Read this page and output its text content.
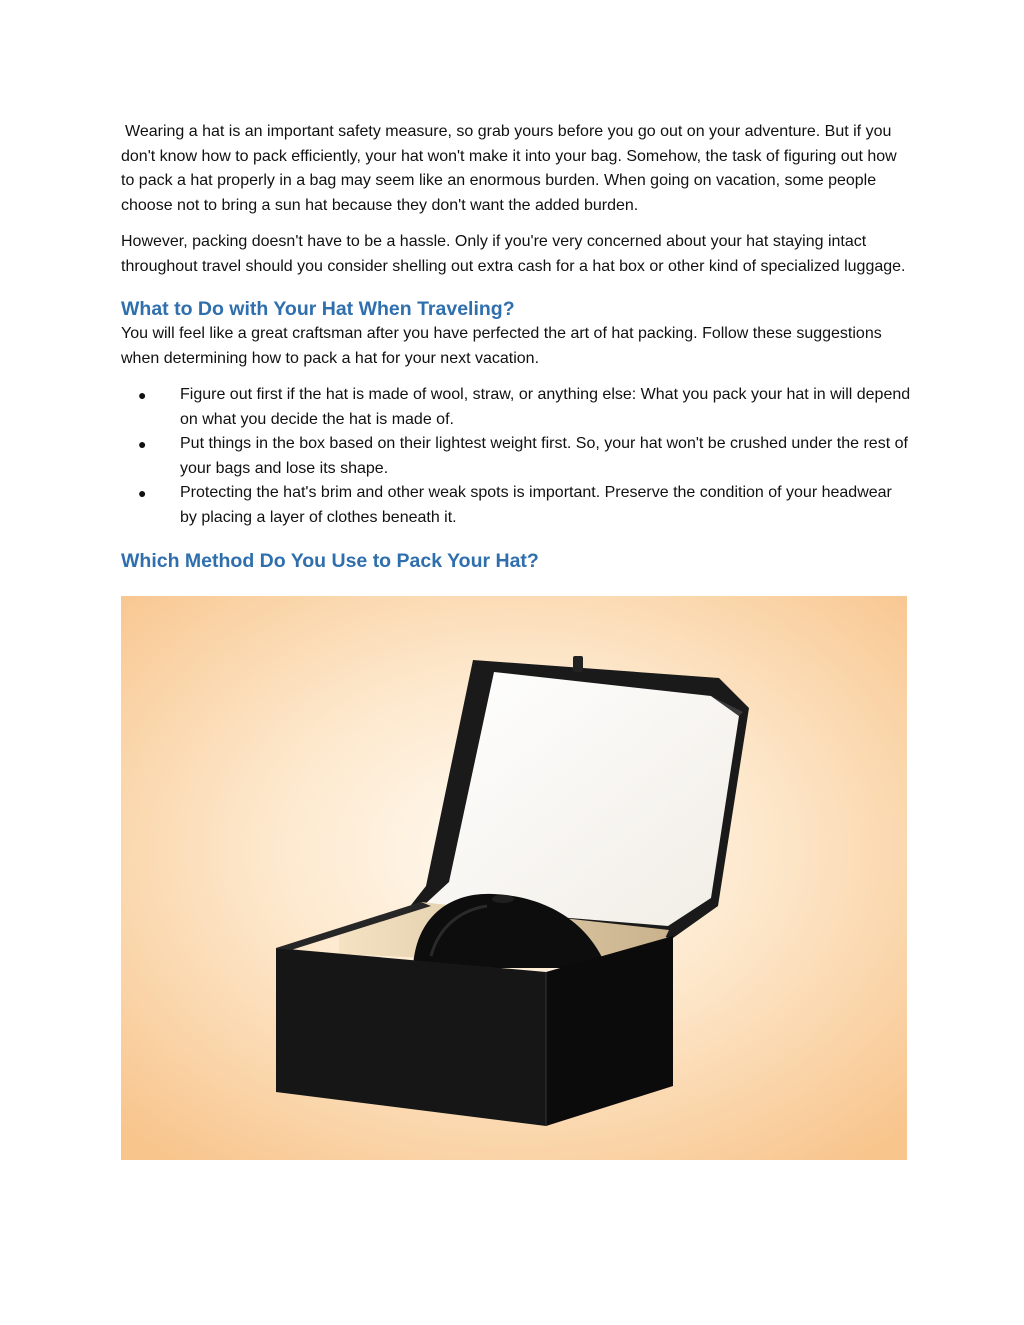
Wearing a hat is an important safety measure, so grab yours before you go out on your adventure. But if you don't know how to pack efficiently, your hat won't make it into your bag. Somehow, the task of figuring out how to pack a hat properly in a bag may seem like an enormous burden. When going on vacation, some people choose not to bring a sun hat because they don't want the added burden.

However, packing doesn't have to be a hassle. Only if you're very concerned about your hat staying intact throughout travel should you consider shelling out extra cash for a hat box or other kind of specialized luggage.

What to Do with Your Hat When Traveling?

You will feel like a great craftsman after you have perfected the art of hat packing. Follow these suggestions when determining how to pack a hat for your next vacation.

● Figure out first if the hat is made of wool, straw, or anything else: What you pack your hat in will depend on what you decide the hat is made of.
● Put things in the box based on their lightest weight first. So, your hat won't be crushed under the rest of your bags and lose its shape.
● Protecting the hat's brim and other weak spots is important. Preserve the condition of your headwear by placing a layer of clothes beneath it.
Which Method Do You Use to Pack Your Hat?
